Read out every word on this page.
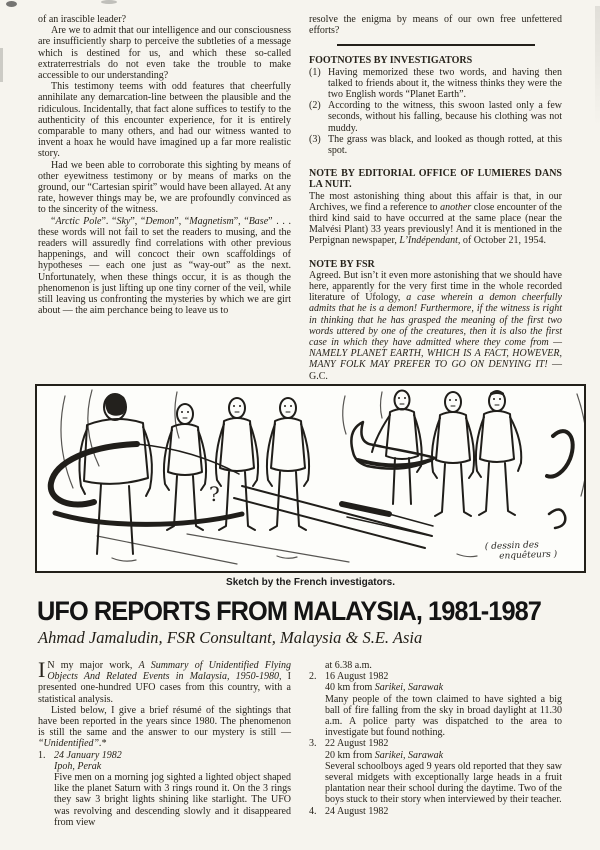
of an irascible leader?
Are we to admit that our intelligence and our consciousness are insufficiently sharp to perceive the subtleties of a message which is destined for us, and which these so-called extraterrestrials do not even take the trouble to make accessible to our understanding?
This testimony teems with odd features that cheerfully annihilate any demarcation-line between the plausible and the ridiculous. Incidentally, that fact alone suffices to testify to the authenticity of this encounter experience, for it is entirely comparable to many others, and had our witness wanted to invent a hoax he would have imagined up a far more realistic story.
Had we been able to corroborate this sighting by means of other eyewitness testimony or by means of marks on the ground, our “Cartesian spirit” would have been allayed. At any rate, however things may be, we are profoundly convinced as to the sincerity of the witness.
“Arctic Pole”. “Sky”, “Demon”, “Magnetism”, “Base” . . . these words will not fail to set the readers to musing, and the readers will assuredly find correlations with other previous happenings, and will concoct their own scaffoldings of hypotheses — each one just as “way-out” as the next. Unfortunately, when these things occur, it is as though the phenomenon is just lifting up one tiny corner of the veil, while still leaving us confronting the mysteries by which we are girt about — the aim perchance being to leave us to
resolve the enigma by means of our own free unfettered efforts?
FOOTNOTES BY INVESTIGATORS
(1) Having memorized these two words, and having then talked to friends about it, the witness thinks they were the two English words “Planet Earth”.
(2) According to the witness, this swoon lasted only a few seconds, without his falling, because his clothing was not muddy.
(3) The grass was black, and looked as though rotted, at this spot.
NOTE BY EDITORIAL OFFICE OF LUMIERES DANS LA NUIT.
The most astonishing thing about this affair is that, in our Archives, we find a reference to another close encounter of the third kind said to have occurred at the same place (near the Malvési Plant) 33 years previously! And it is mentioned in the Perpignan newspaper, L’Indépendant, of October 21, 1954.
NOTE BY FSR
Agreed. But isn’t it even more astonishing that we should have here, apparently for the very first time in the whole recorded literature of Ufology, a case wherein a demon cheerfully admits that he is a demon! Furthermore, if the witness is right in thinking that he has grasped the meaning of the first two words uttered by one of the creatures, then it is also the first case in which they have admitted where they come from — NAMELY PLANET EARTH, WHICH IS A FACT, HOWEVER, MANY FOLK MAY PREFER TO GO ON DENYING IT! — G.C.
?
( dessin des
enquêteurs )
Sketch by the French investigators.
UFO REPORTS FROM MALAYSIA, 1981-1987
Ahmad Jamaludin, FSR Consultant, Malaysia & S.E. Asia
I N my major work, A Summary of Unidentified Flying Objects And Related Events in Malaysia, 1950-1980, I presented one-hundred UFO cases from this country, with a statistical analysis.
Listed below, I give a brief résumé of the sightings that have been reported in the years since 1980. The phenomenon is still the same and the answer to our mystery is still — “Unidentified”.*
1. 24 January 1982
Ipoh, Perak
Five men on a morning jog sighted a lighted object shaped like the planet Saturn with 3 rings round it. On the 3 rings they saw 3 bright lights shining like starlight. The UFO was revolving and descending slowly and it disappeared from view
at 6.38 a.m.
2. 16 August 1982
40 km from Sarikei, Sarawak
Many people of the town claimed to have sighted a big ball of fire falling from the sky in broad daylight at 11.30 a.m. A police party was dispatched to the area to investigate but found nothing.
3. 22 August 1982
20 km from Sarikei, Sarawak
Several schoolboys aged 9 years old reported that they saw several midgets with exceptionally large heads in a fruit plantation near their school during the daytime. Two of the boys stuck to their story when interviewed by their teacher.
4. 24 August 1982
